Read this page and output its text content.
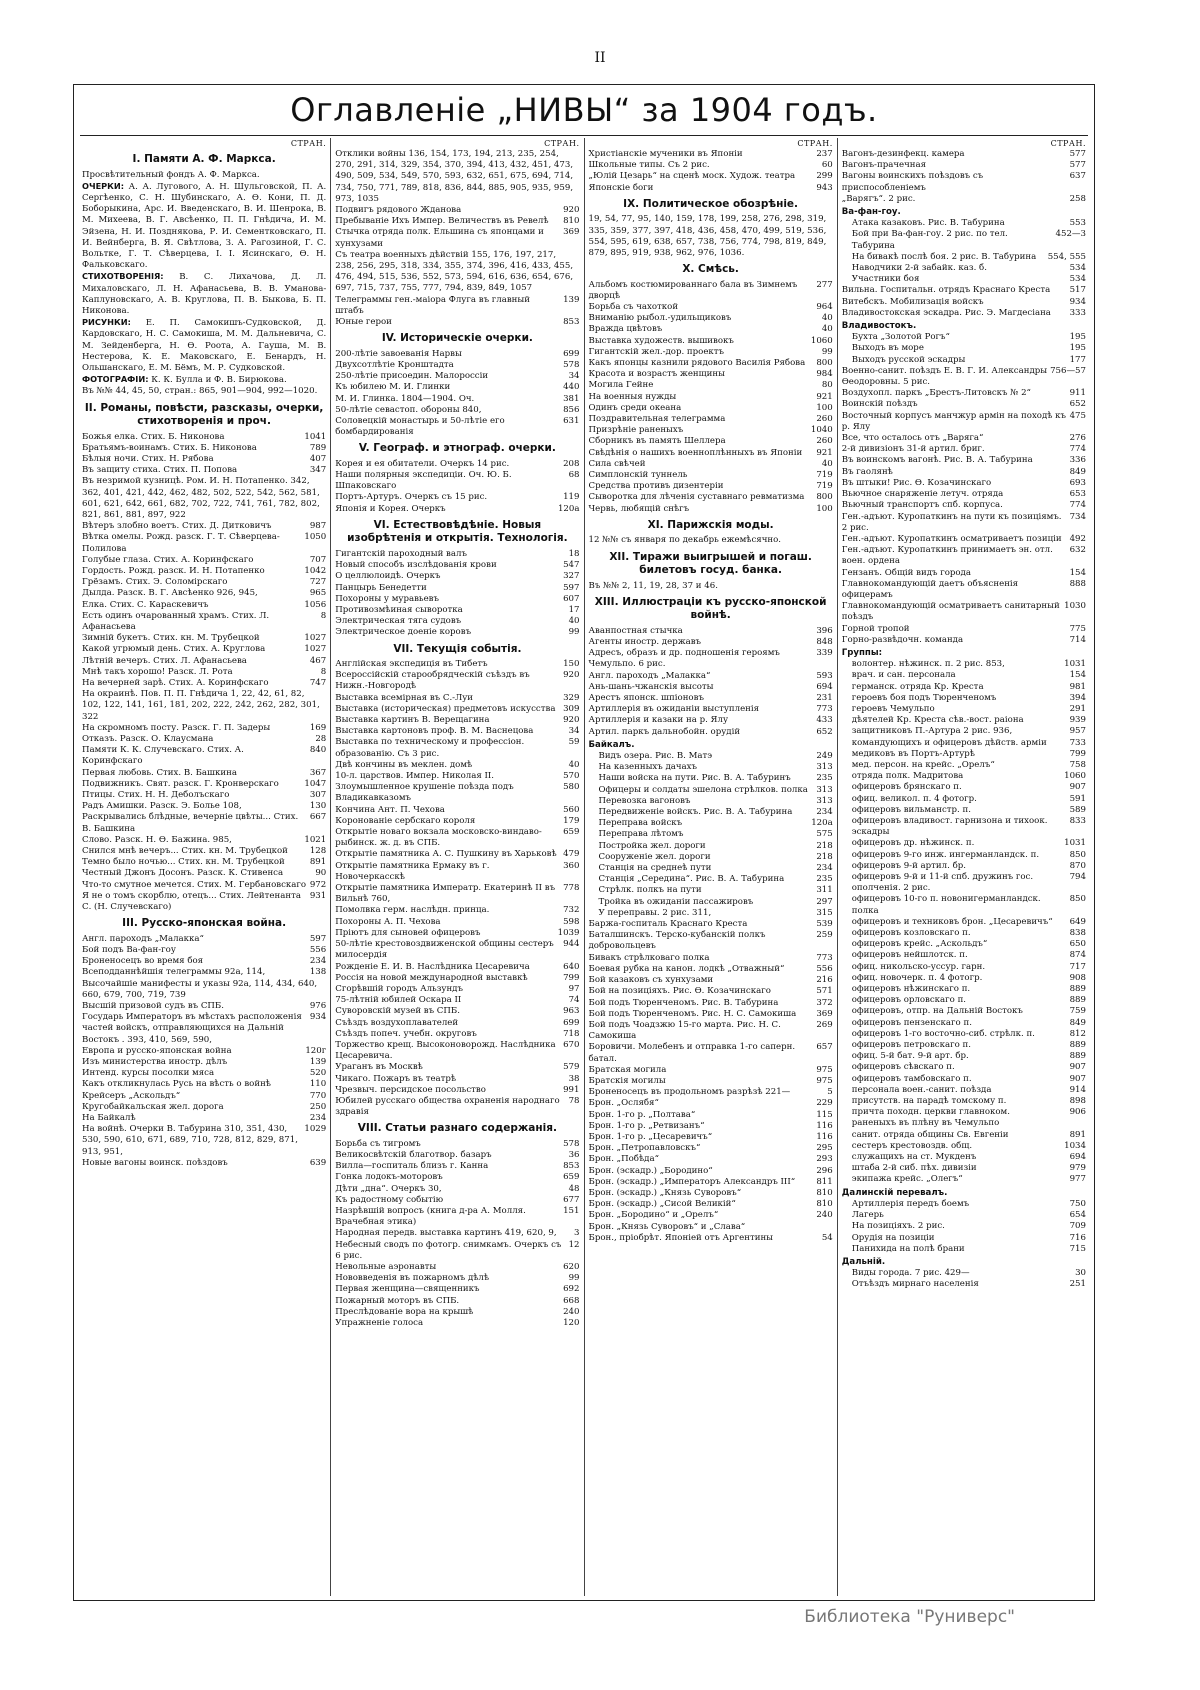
II
Оглавленіе „НИВЫ“ за 1904 годъ.
СТРАН.
I. Памяти А. Ф. Маркса.
Просвѣтительный фондъ А. Ф. Маркса.
ОЧЕРКИ: А. А. Лугового, А. Н. Шульговской, П. А. Сергѣенко, С. Н. Шубинскаго, А. Ѳ. Кони, П. Д. Боборыкина, Арс. И. Введенскаго, В. И. Шенрока, В. М. Михеева, В. Г. Авсѣенко, П. П. Гнѣдича, И. М. Эйзена, Н. И. Позднякова, Р. И. Сементковскаго, П. И. Вейнберга, В. Я. Свѣтлова, З. А. Рагозиной, Г. С. Вольтке, Г. Т. Сѣверцева, I. I. Ясинскаго, Ѳ. Н. Фальковскаго.
СТИХОТВОРЕНІЯ: В. С. Лихачова, Д. Л. Михаловскаго, Л. Н. Афанасьева, В. В. Уманова-Каплуновскаго, А. В. Круглова, П. В. Быкова, Б. П. Никонова.
РИСУНКИ: Е. П. Самокишъ-Судковской, Д. Кардовскаго, Н. С. Самокиша, М. М. Дальневича, С. М. Зейденберга, Н. Ѳ. Роота, А. Гауша, М. В. Нестерова, К. Е. Маковскаго, Е. Бенардъ, Н. Ольшанскаго, Е. М. Бёмъ, М. Р. Судковской.
ФОТОГРАФІИ: К. К. Булла и Ф. В. Бирюкова.
Въ №№ 44, 45, 50, стран.: 865, 901—904, 992—1020.
II. Романы, повѣсти, разсказы, очерки, стихотворенія и проч.
Божья елка. Стих. Б. Никонова	1041
Братьямъ-воинамъ. Стих. Б. Никонова	789
Бѣлыя ночи. Стих. Н. Рябова	407
Въ защиту стиха. Стих. П. Попова	347
Въ незримой кузницѣ. Ром. И. Н. Потапенко. 342, 362, 401, 421, 442, 462, 482, 502, 522, 542, 562, 581, 601, 621, 642, 661, 682, 702, 722, 741, 761, 782, 802, 821, 861, 881, 897, 922
Вѣтеръ злобно воетъ. Стих. Д. Дитковичъ	987
Вѣтка омелы. Рожд. разск. Г. Т. Сѣверцева-Полилова
1050
Голубые глаза. Стих. А. Коринфскаго	707
Гордость. Рожд. разск. И. Н. Потапенко	1042
Грёзамъ. Стих. Э. Соломірскаго	727
Дылда. Разск. В. Г. Авсѣенко 926, 945,	965
Елка. Стих. С. Караскевичъ	1056
Есть одинъ очарованный храмъ. Стих. Л. Афанасьева
8
Зимній букетъ. Стих. кн. М. Трубецкой	1027
Какой угрюмый день. Стих. А. Круглова	1027
Лѣтній вечеръ. Стих. Л. Афанасьева	467
Мнѣ такъ хорошо! Разск. Л. Рота	8
На вечерней зарѣ. Стих. А. Коринфскаго	747
На окраинѣ. Пов. П. П. Гнѣдича 1, 22, 42, 61, 82, 102, 122, 141, 161, 181, 202, 222, 242, 262, 282, 301, 322
На скромномъ посту. Разск. Г. П. Задеры	169
Отказъ. Разск. О. Клаусмана	28
Памяти К. К. Случевскаго. Стих. А. Коринфскаго
840
Первая любовь. Стих. В. Башкина	367
Подвижникъ. Свят. разск. Г. Кронверскаго	1047
Птицы. Стих. Н. Н. Деболъскаго	307
Радъ Амишки. Разск. Э. Больe 108,	130
Раскрывались блѣдные, вечерніе цвѣты... Стих. В. Башкина
667
Слово. Разск. Н. Ѳ. Бажина. 985,	1021
Снился мнѣ вечеръ... Стих. кн. М. Трубецкой	128
Темно было ночью... Стих. кн. М. Трубецкой	891
Честный Джонъ Досонъ. Разск. К. Стивенса	90
Что-то смутное мечется. Стих. М. Гербановскаго 972
Я не о томъ скорблю, отецъ... Стих. Лейтенанта С. (Н. Случевскаго)
931
III. Русско-японская война.
Англ. пароходъ „Малакка“	597
Бой подъ Ва-фан-гоу	556
Броненосецъ во время боя	234
Всеподданнѣйшія телеграммы 92а, 114,	138
Высочайшіе манифесты и указы 92а, 114, 434, 640, 660, 679, 700, 719, 739
Высшій призовой судъ въ СПБ.	976
Государь Императоръ въ мѣстахъ расположенія частей войскъ, отправляющихся на Дальній Востокъ . 393, 410, 569, 590,
934
Европа и русско-японская война	120г
Изъ министерства иностр. дѣлъ	139
Интенд. курсы посолки мяса	520
Какъ откликнулась Русь на вѣсть о войнѣ	110
Крейсеръ „Аскольдъ“	770
Кругобайкальская жел. дорога	250
На Байкалѣ	234
На войнѣ. Очерки В. Табурина 310, 351, 430, 530, 590, 610, 671, 689, 710, 728, 812, 829, 871, 913, 951,
1029
Новые вагоны воинск. поѣздовъ	639
СТРАН.
Отклики войны 136, 154, 173, 194, 213, 235, 254, 270, 291, 314, 329, 354, 370, 394, 413, 432, 451, 473, 490, 509, 534, 549, 570, 593, 632, 651, 675, 694, 714, 734, 750, 771, 789, 818, 836, 844, 885, 905, 935, 959, 973, 1035
Подвигъ рядового Жданова	920
Пребываніе Ихъ Импер. Величествъ въ Ревелѣ	810
Стычка отряда полк. Ельшина съ японцами и хунхузами
369
Съ театра военныхъ дѣйствій 155, 176, 197, 217, 238, 256, 295, 318, 334, 355, 374, 396, 416, 433, 455, 476, 494, 515, 536, 552, 573, 594, 616, 636, 654, 676, 697, 715, 737, 755, 777, 794, 839, 849, 1057
Телеграммы ген.-маіора Флуга въ главный штабъ
139
Юные герои	853
IV. Историческіе очерки.
200-лѣтіе завоеванія Нарвы	699
Двухсотлѣтіе Кронштадта	578
250-лѣтіе присоедин. Малороссіи	34
Къ юбилею М. И. Глинки	440
М. И. Глинка. 1804—1904. Оч.	381
50-лѣтіе севастоп. обороны 840,	856
Соловецкій монастырь и 50-лѣтіе его бомбардированія
631
V. Географ. и этнограф. очерки.
Корея и ея обитатели. Очеркъ 14 рис.	208
Наши полярныя экспедиціи. Оч. Ю. Б. Шпаковскаго
68
Портъ-Артуръ. Очеркъ съ 15 рис.	119
Японія и Корея. Очеркъ	120а
VI. Естествовѣдѣніе. Новыя изобрѣтенія и открытія. Технологія.
Гигантскій пароходный валъ	18
Новый способъ изслѣдованія крови	547
О целлюлоидѣ. Очеркъ	327
Панцырь Бенедетти	597
Похороны у муравьевъ	607
Противозмѣиная сыворотка	17
Электрическая тяга судовъ	40
Электрическое доеніе коровъ	99
VII. Текущія событія.
Англійская экспедиція въ Тибетъ	150
Всероссійскій старообрядческій съѣздъ въ Нижн.-Новгородѣ
920
Выставка всемірная въ С.-Луи	329
Выставка (историческая) предметовъ искусства 309
Выставка картинъ В. Верещагина	920
Выставка картоновъ проф. В. М. Васнецова	34
Выставка по техническому и профессіон. образованію. Съ 3 рис.
59
Двѣ кончины въ меклен. домѣ	40
10-л. царствов. Импер. Николая II.	570
Злоумышленное крушеніе поѣзда подъ Владикавказомъ
580
Кончина Ант. П. Чехова	560
Коронованіе сербскаго короля	179
Открытіе новаго вокзала московско-виндаво-рыбинск. ж. д. въ СПБ.
659
Открытіе памятника А. С. Пушкину въ Харьковѣ 479
Открытіе памятника Ермаку въ г. Новочеркасскѣ
360
Открытіе памятника Императр. Екатеринѣ II въ Вильнѣ 760,
778
Помолвка герм. наслѣдн. принца.	732
Похороны А. П. Чехова	598
Пріютъ для сыновей офицеровъ	1039
50-лѣтіе крестовоздвиженской общины сестеръ милосердія
944
Рожденіе Е. И. В. Наслѣдника Цесаревича	640
Россія на новой международной выставкѣ	799
Сгорѣвшій городъ Альзундъ	97
75-лѣтній юбилей Оскара II	74
Суворовскій музей въ СПБ.	963
Съѣздъ воздухоплавателей	699
Съѣздъ попеч. учебн. округовъ	718
Торжество крещ. Высоконоворожд. Наслѣдника Цесаревича.
670
Ураганъ въ Москвѣ	579
Чикаго. Пожаръ въ театрѣ	38
Чрезвыч. персидское посольство	991
Юбилей русскаго общества охраненія народнаго здравія
78
VIII. Статьи разнаго содержанія.
Борьба съ тигромъ	578
Великосвѣтскій благотвор. базаръ	36
Вилла—госпиталь близъ г. Канна	853
Гонка лодокъ-моторовъ	659
Дѣти „дна“. Очеркъ 30,	48
Къ радостному событію	677
Назрѣвшій вопросъ (книга д-ра А. Молля. Врачебная этика)
151
Народная передв. выставка картинъ 419, 620, 9,	3
Небесный сводъ по фотогр. снимкамъ. Очеркъ съ 6 рис.
12
Невольные аэронавты	620
Нововведенія въ пожарномъ дѣлѣ	99
Первая женщина—священникъ	692
Пожарный моторъ въ СПБ.	668
Преслѣдованіе вора на крышѣ	240
Упражненіе голоса	120
СТРАН.
Христіанскіе мученики въ Японіи	237
Школьные типы. Съ 2 рис.	60
„Юлій Цезарь“ на сценѣ моск. Худож. театра	299
Японскіе боги	943
IX. Политическое обозрѣніе.
19, 54, 77, 95, 140, 159, 178, 199, 258, 276, 298, 319, 335, 359, 377, 397, 418, 436, 458, 470, 499, 519, 536, 554, 595, 619, 638, 657, 738, 756, 774, 798, 819, 849, 879, 895, 919, 938, 962, 976, 1036.
X. Смѣсь.
Альбомъ костюмированнаго бала въ Зимнемъ дворцѣ
277
Борьба съ чахоткой	964
Вниманію рыбол.-удильщиковъ	40
Вражда цвѣтовъ	40
Выставка художеств. вышивокъ	1060
Гигантскій жел.-дор. проектъ	99
Какъ японцы казнили рядового Василія Рябова	800
Красота и возрастъ женщины	984
Могила Гейне	80
На военныя нужды	921
Одинъ среди океана	100
Поздравительная телеграмма	260
Призрѣніе раненыхъ	1040
Сборникъ въ память Шеллера	260
Свѣдѣнія о нашихъ военноплѣнныхъ въ Японіи	921
Сила свѣчей	40
Симплонскій туннель	719
Средства противъ дизентеріи	719
Сыворотка для лѣченія суставнаго ревматизма	800
Червь, любящій снѣгъ	100
XI. Парижскія моды.
12 №№ съ января по декабрь ежемѣсячно.
XII. Тиражи выигрышей и погаш. билетовъ госуд. банка.
Въ №№ 2, 11, 19, 28, 37 и 46.
XIII. Иллюстраціи къ русско-японской войнѣ.
Аванпостная стычка	396
Агенты иностр. державъ	848
Адресъ, образъ и др. подношенія героямъ Чемульпо. 6 рис.
339
Англ. пароходъ „Малакка“	593
Ань-шань-чжанскія высоты	694
Арестъ японск. шпіоновъ	231
Артиллерія въ ожиданіи выступленія	773
Артиллерія и казаки на р. Ялу	433
Артил. паркъ дальнобойн. орудій	652
Байкалъ.
Видъ озера. Рис. В. Матэ	249
На казенныхъ дачахъ	313
Наши войска на пути. Рис. В. А. Табуринъ	235
Офицеры и солдаты эшелона стрѣлков. полка 313
Перевозка вагоновъ	313
Передвиженіе войскъ. Рис. В. А. Табурина	234
Переправа войскъ	120а
Переправа лѣтомъ	575
Постройка жел. дороги	218
Сооруженіе жел. дороги	218
Станція на среднеѣ пути	234
Станція „Середина“. Рис. В. А. Табурина	235
Стрѣлк. полкъ на пути	311
Тройка въ ожиданіи пассажировъ	297
У переправы. 2 рис. 311,	315
Баржа-госпиталь Краснаго Креста	539
Баталшинскъ. Терско-кубанскій полкъ добровольцевъ
259
Бивакъ стрѣлковаго полка	773
Боевая рубка на канон. лодкѣ „Отважный“	556
Бой казаковъ съ хунхузами	216
Бой на позиціяхъ. Рис. Ѳ. Козачинскаго	571
Бой подъ Тюренченомъ. Рис. В. Табурина	372
Бой подъ Тюренченомъ. Рис. Н. С. Самокиша	369
Бой подъ Чоадзжю 15-го марта. Рис. Н. С. Самокиша
269
Боровичи. Молебенъ и отправка 1-го саперн. батал.
657
Братская могила	975
Братскія могилы	975
Броненосецъ въ продольномъ разрѣзѣ 221—	5
Брон. „Ослябя“	229
Брон. 1-го р. „Полтава“	115
Брон. 1-го р. „Ретвизанъ“	116
Брон. 1-го р. „Цесаревичъ“	116
Брон. „Петропавловскъ“	295
Брон. „Побѣда“	293
Брон. (эскадр.) „Бородино“	296
Брон. (эскадр.) „Императоръ Александръ III“	811
Брон. (эскадр.) „Князь Суворовъ“	810
Брон. (эскадр.) „Сисой Великій“	810
Брон. „Бородино“ и „Орелъ“	240
Брон. „Князь Суворовъ“ и „Слава“
Брон., пріобрѣт. Японіей отъ Аргентины	54
СТРАН.
Вагонъ-дезинфекц. камера	577
Вагонъ-прачечная	577
Вагоны воинскихъ поѣздовъ съ приспособленіемъ
637
„Варягъ“. 2 рис.	258
Ва-фан-гоу.
Атака казаковъ. Рис. В. Табурина	553
Бой при Ва-фан-гоу. 2 рис. по тел. Табурина
452—3
На бивакѣ послѣ боя. 2 рис. В. Табурина	554, 555
Наводчики 2-й забайк. каз. б.	534
Участники боя	534
Вильна. Госпитальн. отрядъ Краснаго Креста	517
Витебскъ. Мобилизація войскъ	934
Владивостокская эскадра. Рис. Э. Магдесіана	333
Владивостокъ.
Бухта „Золотой Рогъ“	195
Выходъ въ море	195
Выходъ русской эскадры	177
Военно-санит. поѣздъ Е. В. Г. И. Александры Ѳеодоровны. 5 рис.
756—57
Воздухопл. паркъ „Брестъ-Литовскъ № 2“	911
Воинскій поѣздъ	652
Восточный корпусъ манчжур армін на походѣ къ р. Ялу
475
Все, что осталось отъ „Варяга“	276
2-й дивизіонъ 31-й артил. бриг.	774
Въ воинскомъ вагонѣ. Рис. В. А. Табурина	336
Въ гаолянѣ	849
Въ штыки! Рис. Ѳ. Козачинскаго	693
Вьючное снаряженіе летуч. отряда	653
Вьючный транспортъ спб. корпуса.	774
Ген.-адъют. Куропаткинъ на пути къ позиціямъ. 2 рис.
734
Ген.-адъют. Куропаткинъ осматриваетъ позиціи 492
Ген.-адъют. Куропаткинъ принимаетъ эн. отл. воен. ордена
632
Гензанъ. Общій видъ города	154
Главнокомандующій даетъ объясненія офицерамъ
888
Главнокомандующій осматриваетъ санитарный поѣздъ
1030
Горной тропой	775
Горно-развѣдочн. команда	714
Группы:
волонтер. нѣжинск. п. 2 рис. 853,	1031
врач. и сан. персонала	154
германск. отряда Кр. Креста	981
героевъ боя подъ Тюренченомъ	394
героевъ Чемульпо	291
дѣятелей Кр. Креста сѣв.-вост. раіона	939
защитниковъ П.-Артура 2 рис. 936,	957
командующихъ и офицеровъ дѣйств. арміи	733
медиковъ въ Портъ-Артурѣ	799
мед. персон. на крейс. „Орелъ“	758
отряда полк. Мадритова	1060
офицеровъ брянскаго п.	907
офиц. великол. п. 4 фотогр.	591
офицеровъ вильманстр. п.	589
офицеровъ владивост. гарнизона и тихоок. эскадры
833
офицеровъ др. нѣжинск. п.	1031
офицеровъ 9-го инж. ингерманландск. п.	850
офицеровъ 9-й артил. бр.	870
офицеровъ 9-й и 11-й спб. дружинъ гос. ополченія. 2 рис.
794
офицеровъ 10-го п. новонигерманландск. полка
850
офицеровъ и техниковъ брон. „Цесаревичъ“	649
офицеровъ козловскаго п.	838
офицеровъ крейс. „Аскольдъ“	650
офицеровъ нейшлотск. п.	874
офиц. никольско-уссур. гарн.	717
офиц. новочерк. п. 4 фотогр.	908
офицеровъ нѣжинскаго п.	889
офицеровъ орловскаго п.	889
офицеровъ, отпр. на Дальній Востокъ	759
офицеровъ пензенскаго п.	849
офицеровъ 1-го восточно-сиб. стрѣлк. п.	812
офицеровъ петровскаго п.	889
офиц. 5-й бат. 9-й арт. бр.	889
офицеровъ сѣвскаго п.	907
офицеровъ тамбовскаго п.	907
персонала воен.-санит. поѣзда	914
присутств. на парадѣ томскому п.	898
причта походн. церкви главноком.	906
раненыхъ въ плѣну въ Чемульпо
санит. отряда общины Св. Евгеніи	891
сестеръ крестовоздв. общ.	1034
служащихъ на ст. Мукденъ	694
штаба 2-й сиб. пѣх. дивизіи	979
экипажа крейс. „Олегъ“	977
Далинскій перевалъ.
Артиллерія передъ боемъ	750
Лагерь	654
На позиціяхъ. 2 рис.	709
Орудія на позиціи	716
Панихида на полѣ брани	715
Дальній.
Виды города. 7 рис. 429—	30
Отъѣздъ мирнаго населенія	251
Библиотека "Руниверс"
